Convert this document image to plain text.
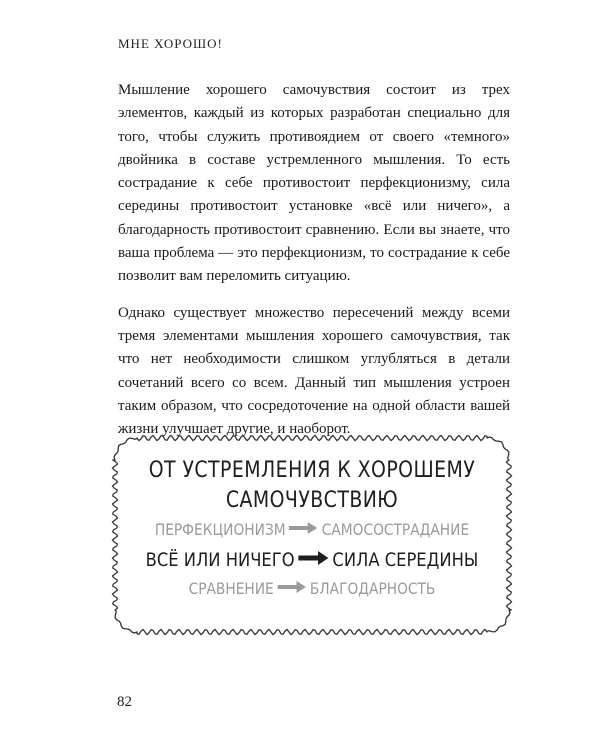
МНЕ ХОРОШО!

Мышление хорошего самочувствия состоит из трех элементов, каждый из которых разработан специально для того, чтобы служить противоядием от своего «темного» двойника в составе устремленного мышления. То есть сострадание к себе противостоит перфекционизму, сила середины противостоит установке «всё или ничего», а благодарность противостоит сравнению. Если вы знаете, что ваша проблема — это перфекционизм, то сострадание к себе позволит вам переломить ситуацию.

Однако существует множество пересечений между всеми тремя элементами мышления хорошего самочувствия, так что нет необходимости слишком углубляться в детали сочетаний всего со всем. Данный тип мышления устроен таким образом, что сосредоточение на одной области вашей жизни улучшает другие, и наоборот.

ОТ УСТРЕМЛЕНИЯ К ХОРОШЕМУ
САМОЧУВСТВИЮ
ПЕРФЕКЦИОНИЗМ САМОСОСТРАДАНИЕ
ВСЁ ИЛИ НИЧЕГО СИЛА СЕРЕДИНЫ
СРАВНЕНИЕ БЛАГОДАРНОСТЬ
82
